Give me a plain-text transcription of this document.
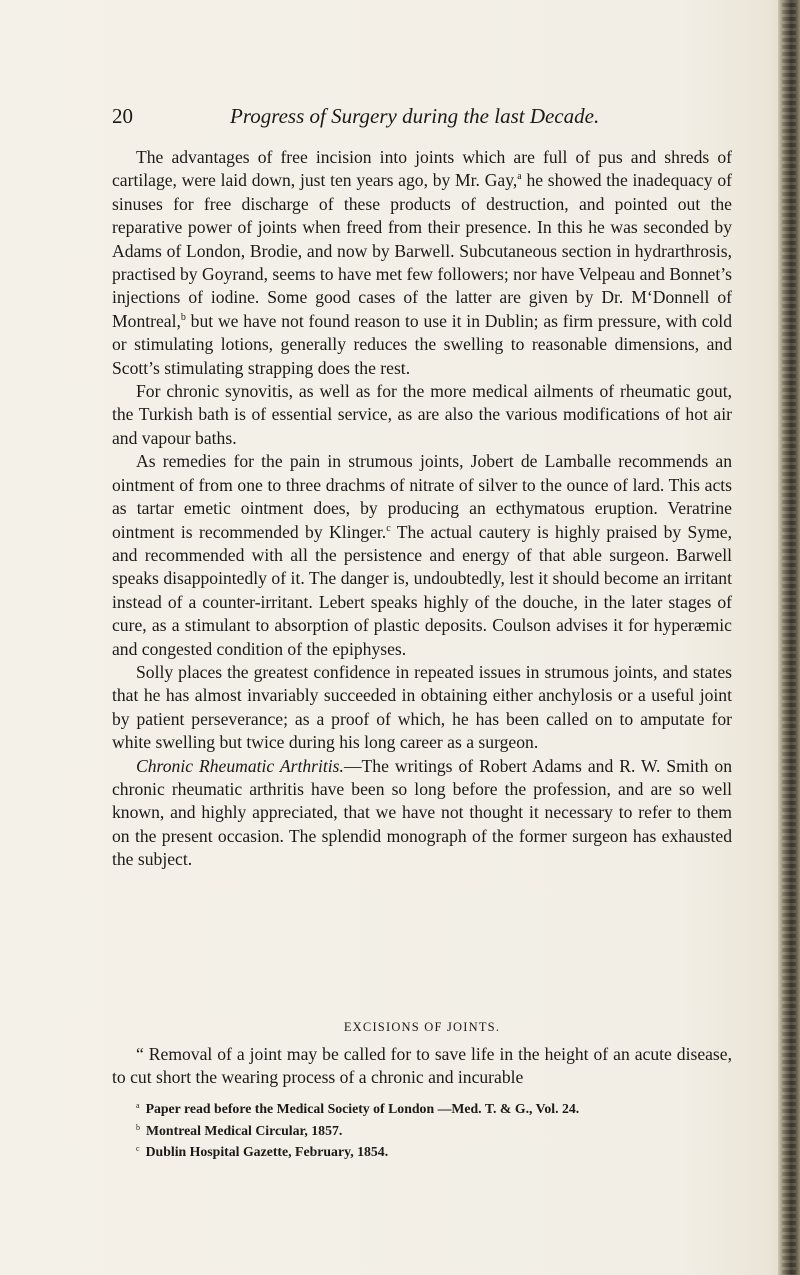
20	Progress of Surgery during the last Decade.

The advantages of free incision into joints which are full of pus and shreds of cartilage, were laid down, just ten years ago, by Mr. Gay,$^a$ he showed the inadequacy of sinuses for free discharge of these products of destruction, and pointed out the reparative power of joints when freed from their presence. In this he was seconded by Adams of London, Brodie, and now by Barwell. Subcutaneous section in hydrarthrosis, practised by Goyrand, seems to have met few followers; nor have Velpeau and Bonnet’s injections of iodine. Some good cases of the latter are given by Dr. M‘Donnell of Montreal,$^b$ but we have not found reason to use it in Dublin; as firm pressure, with cold or stimulating lotions, generally reduces the swelling to reasonable dimensions, and Scott’s stimulating strapping does the rest.

For chronic synovitis, as well as for the more medical ailments of rheumatic gout, the Turkish bath is of essential service, as are also the various modifications of hot air and vapour baths.

As remedies for the pain in strumous joints, Jobert de Lamballe recommends an ointment of from one to three drachms of nitrate of silver to the ounce of lard. This acts as tartar emetic ointment does, by producing an ecthymatous eruption. Veratrine ointment is recommended by Klinger.$^c$ The actual cautery is highly praised by Syme, and recommended with all the persistence and energy of that able surgeon. Barwell speaks disappointedly of it. The danger is, undoubtedly, lest it should become an irritant instead of a counter-irritant. Lebert speaks highly of the douche, in the later stages of cure, as a stimulant to absorption of plastic deposits. Coulson advises it for hyperæmic and congested condition of the epiphyses.

Solly places the greatest confidence in repeated issues in strumous joints, and states that he has almost invariably succeeded in obtaining either anchylosis or a useful joint by patient perseverance; as a proof of which, he has been called on to amputate for white swelling but twice during his long career as a surgeon.

Chronic Rheumatic Arthritis.—The writings of Robert Adams and R. W. Smith on chronic rheumatic arthritis have been so long before the profession, and are so well known, and highly appreciated, that we have not thought it necessary to refer to them on the present occasion. The splendid monograph of the former surgeon has exhausted the subject.

EXCISIONS OF JOINTS.

“ Removal of a joint may be called for to save life in the height of an acute disease, to cut short the wearing process of a chronic and incurable

$^a$ Paper read before the Medical Society of London —Med. T. & G., Vol. 24.

$^b$ Montreal Medical Circular, 1857.

$^c$ Dublin Hospital Gazette, February, 1854.
